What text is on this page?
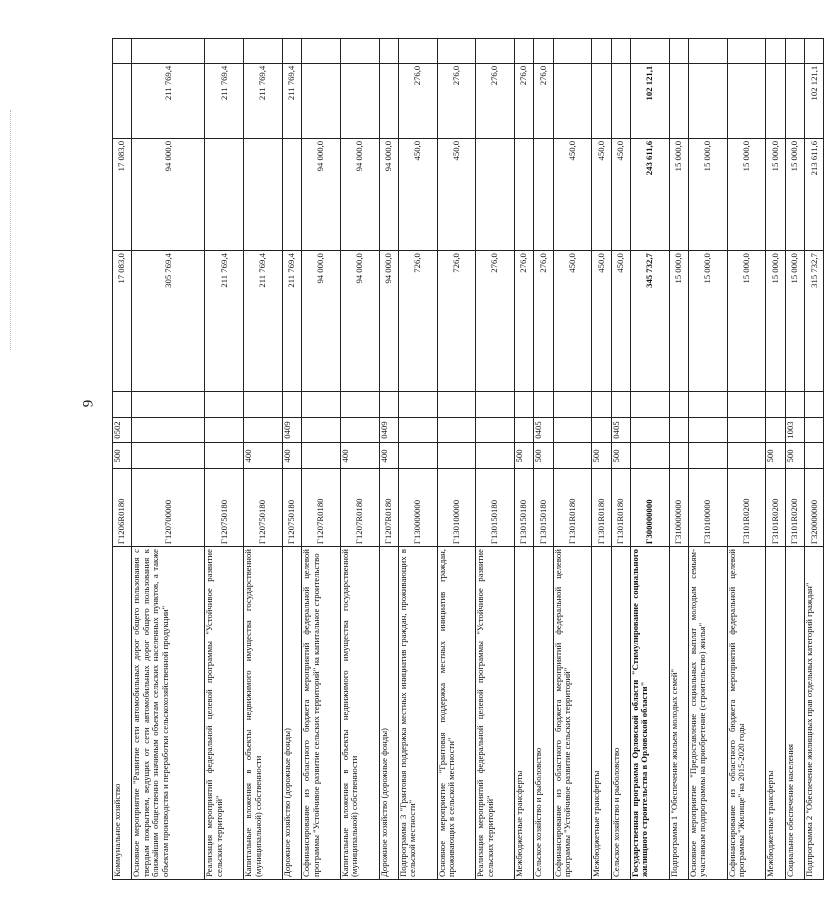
9
Коммунальное хозяйство	Г1206R0180	500	0502		17 083,0	17 083,0		
Основное мероприятие "Развитие сети автомобильных дорог общего пользования с твердым покрытием, ведущих от сети автомобильных дорог общего пользования к ближайшим общественно значимым объектам сельских населенных пунктов, а также объектам производства и переработки сельскохозяйственной продукции"	Г120700000				305 769,4	94 000,0	211 769,4	
Реализация мероприятий федеральной целевой программы "Устойчивое развитие сельских территорий"	Г120750180				211 769,4		211 769,4	
Капитальные вложения в объекты недвижимого имущества государственной (муниципальной) собственности	Г120750180	400			211 769,4		211 769,4	
Дорожное хозяйство (дорожные фонды)	Г120750180	400	0409		211 769,4		211 769,4	
Софинансирование из областного бюджета мероприятий федеральной целевой программы "Устойчивое развитие сельских территорий" на капитальное строительство	Г1207R0180				94 000,0	94 000,0		
Капитальные вложения в объекты недвижимого имущества государственной (муниципальной) собственности	Г1207R0180	400			94 000,0	94 000,0		
Дорожное хозяйство (дорожные фонды)	Г1207R0180	400	0409		94 000,0	94 000,0		
Подпрограмма 3 "Грантовая поддержка местных инициатив граждан, проживающих в сельской местности"	Г130000000				726,0	450,0	276,0	
Основное мероприятие "Грантовая поддержка местных инициатив граждан, проживающих в сельской местности"	Г130100000				726,0	450,0	276,0	
Реализация мероприятий федеральной целевой программы "Устойчивое развитие сельских территорий"	Г130150180				276,0		276,0	
Межбюджетные трансферты	Г130150180	500			276,0		276,0	
Сельское хозяйство и рыболовство	Г130150180	500	0405		276,0		276,0	
Софинансирование из областного бюджета мероприятий федеральной целевой программы "Устойчивое развитие сельских территорий"	Г1301R0180				450,0	450,0		
Межбюджетные трансферты	Г1301R0180	500			450,0	450,0		
Сельское хозяйство и рыболовство	Г1301R0180	500	0405		450,0	450,0		
Государственная программа Орловской области "Стимулирование социального жилищного строительства в Орловской области"	Г300000000				345 732,7	243 611,6	102 121,1	
Подпрограмма 1 "Обеспечение жильем молодых семей"	Г310000000				15 000,0	15 000,0		
Основное мероприятие "Предоставление социальных выплат молодым семьям-участникам подпрограммы на приобретение (строительство) жилья"	Г310100000				15 000,0	15 000,0		
Софинансирование из областного бюджета мероприятий федеральной целевой программы "Жилище" на 2015-2020 годы	Г3101R0200				15 000,0	15 000,0		
Межбюджетные трансферты	Г3101R0200	500			15 000,0	15 000,0		
Социальное обеспечение населения	Г3101R0200	500	1003		15 000,0	15 000,0		
Подпрограмма 2 "Обеспечение жилищных прав отдельных категорий граждан"	Г320000000				315 732,7	213 611,6	102 121,1	
